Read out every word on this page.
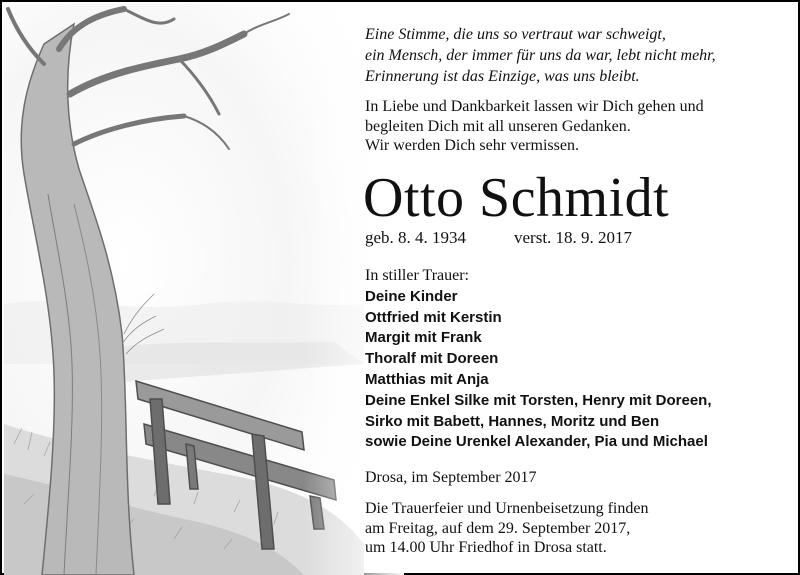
Eine Stimme, die uns so vertraut war schweigt,
ein Mensch, der immer für uns da war, lebt nicht mehr,
Erinnerung ist das Einzige, was uns bleibt.
In Liebe und Dankbarkeit lassen wir Dich gehen und
begleiten Dich mit all unseren Gedanken.
Wir werden Dich sehr vermissen.
Otto Schmidt
geb. 8. 4. 1934	verst. 18. 9. 2017
In stiller Trauer:
Deine Kinder
Ottfried mit Kerstin
Margit mit Frank
Thoralf mit Doreen
Matthias mit Anja
Deine Enkel Silke mit Torsten, Henry mit Doreen,
Sirko mit Babett, Hannes, Moritz und Ben
sowie Deine Urenkel Alexander, Pia und Michael
Drosa, im September 2017
Die Trauerfeier und Urnenbeisetzung finden
am Freitag, auf dem 29. September 2017,
um 14.00 Uhr Friedhof in Drosa statt.
